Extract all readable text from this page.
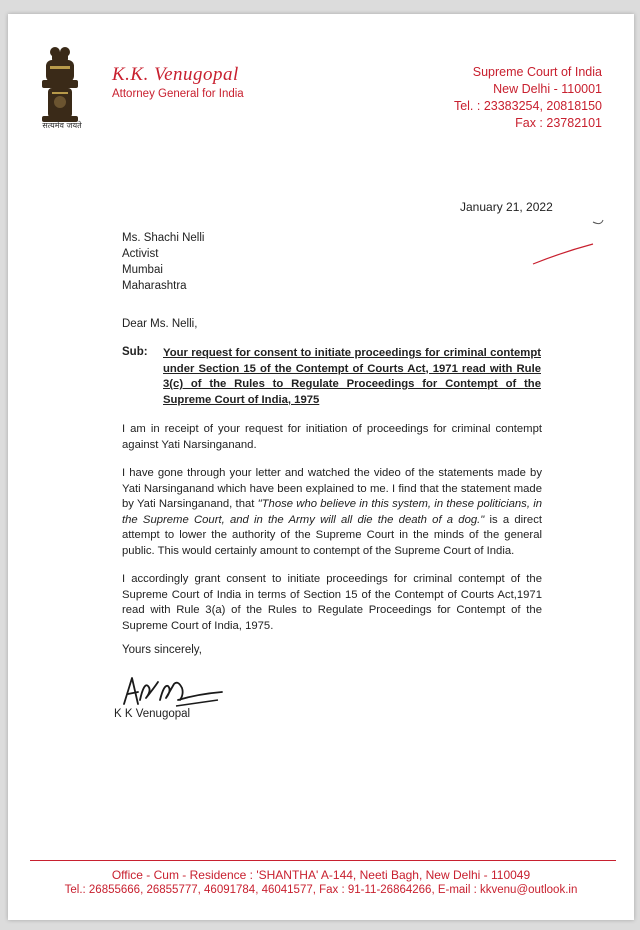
सत्यमेव जयते
K.K. Venugopal
Attorney General for India
Supreme Court of India
New Delhi - 110001
Tel. : 23383254, 20818150
Fax : 23782101
January 21, 2022
Ms. Shachi Nelli
Activist
Mumbai
Maharashtra
Dear Ms. Nelli,
Sub: Your request for consent to initiate proceedings for criminal contempt under Section 15 of the Contempt of Courts Act, 1971 read with Rule 3(c) of the Rules to Regulate Proceedings for Contempt of the Supreme Court of India, 1975
I am in receipt of your request for initiation of proceedings for criminal contempt against Yati Narsinganand.
I have gone through your letter and watched the video of the statements made by Yati Narsinganand which have been explained to me. I find that the statement made by Yati Narsinganand, that "Those who believe in this system, in these politicians, in the Supreme Court, and in the Army will all die the death of a dog." is a direct attempt to lower the authority of the Supreme Court in the minds of the general public. This would certainly amount to contempt of the Supreme Court of India.
I accordingly grant consent to initiate proceedings for criminal contempt of the Supreme Court of India in terms of Section 15 of the Contempt of Courts Act,1971 read with Rule 3(a) of the Rules to Regulate Proceedings for Contempt of the Supreme Court of India, 1975.
Yours sincerely,
K K Venugopal
Office - Cum - Residence : 'SHANTHA' A-144, Neeti Bagh, New Delhi - 110049
Tel.: 26855666, 26855777, 46091784, 46041577, Fax : 91-11-26864266, E-mail : kkvenu@outlook.in
